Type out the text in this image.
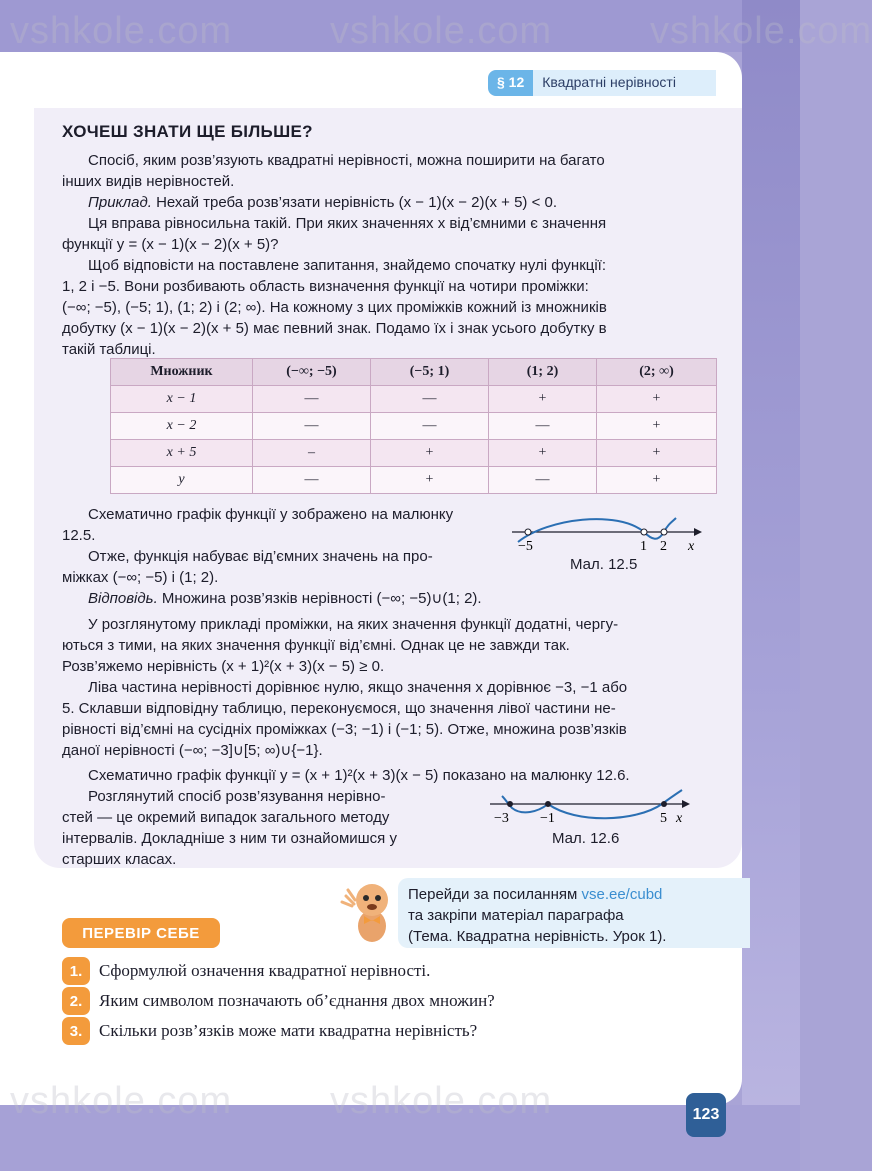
§ 12	Квадратні нерівності
ХОЧЕШ ЗНАТИ ЩЕ БІЛЬШЕ?
Спосіб, яким розв’язують квадратні нерівності, можна поширити на багато
інших видів нерівностей.
Приклад. Нехай треба розв’язати нерівність (x − 1)(x − 2)(x + 5) < 0.
Ця вправа рівносильна такій. При яких значеннях x від’ємними є значення
функції y = (x − 1)(x − 2)(x + 5)?
Щоб відповісти на поставлене запитання, знайдемо спочатку нулі функції:
1, 2 і −5. Вони розбивають область визначення функції на чотири проміжки:
(−∞; −5), (−5; 1), (1; 2) і (2; ∞). На кожному з цих проміжків кожний із множників
добутку (x − 1)(x − 2)(x + 5) має певний знак. Подамо їх і знак усього добутку в
такій таблиці.
Множник	(−∞; −5)	(−5; 1)	(1; 2)	(2; ∞)
x − 1	—	—	+	+
x − 2	—	—	—	+
x + 5	–	+	+	+
y	—	+	—	+
Схематично графік функції y зображено на малюнку
12.5.
Отже, функція набуває від’ємних значень на про-
міжках (−∞; −5) і (1; 2).
−5	1 2 x
Мал. 12.5
Відповідь. Множина розв’язків нерівності (−∞; −5)∪(1; 2).
У розглянутому прикладі проміжки, на яких значення функції додатні, чергу-
ються з тими, на яких значення функції від’ємні. Однак це не завжди так.
Розв’яжемо нерівність (x + 1)²(x + 3)(x − 5) ≥ 0.
Ліва частина нерівності дорівнює нулю, якщо значення x дорівнює −3, −1 або
5. Склавши відповідну таблицю, переконуємося, що значення лівої частини не-
рівності від’ємні на сусідніх проміжках (−3; −1) і (−1; 5). Отже, множина розв’язків
даної нерівності (−∞; −3]∪[5; ∞)∪{−1}.
Схематично графік функції y = (x + 1)²(x + 3)(x − 5) показано на малюнку 12.6.
Розглянутий спосіб розв’язування нерівно-
стей — це окремий випадок загального методу
інтервалів. Докладніше з ним ти ознайомишся у
старших класах.
−3 −1	5 x
Мал. 12.6
Перейди за посиланням vse.ee/cubd
та закріпи матеріал параграфа
(Тема. Квадратна нерівність. Урок 1).
ПЕРЕВІР СЕБЕ
1. Сформулюй означення квадратної нерівності.
2. Яким символом позначають об’єднання двох множин?
3. Скільки розв’язків може мати квадратна нерівність?
123
vshkole.com	vshkole.com	vshkole.com
vshkole.com	vshkole.com
